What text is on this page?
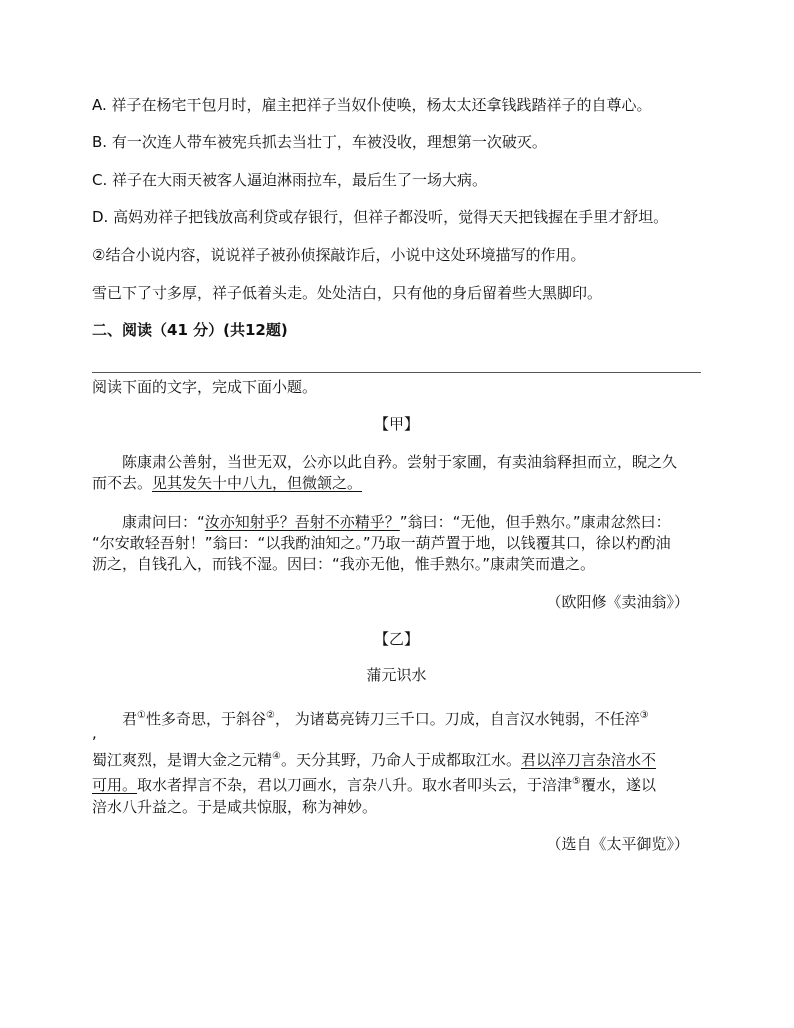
A. 祥子在杨宅干包月时，雇主把祥子当奴仆使唤，杨太太还拿钱践踏祥子的自尊心。
B. 有一次连人带车被宪兵抓去当壮丁，车被没收，理想第一次破灭。
C. 祥子在大雨天被客人逼迫淋雨拉车，最后生了一场大病。
D. 高妈劝祥子把钱放高利贷或存银行，但祥子都没听，觉得天天把钱握在手里才舒坦。
②结合小说内容，说说祥子被孙侦探敲诈后，小说中这处环境描写的作用。
雪已下了寸多厚，祥子低着头走。处处洁白，只有他的身后留着些大黑脚印。
二、阅读（41 分）(共12题)
阅读下面的文字，完成下面小题。
【甲】
陈康肃公善射，当世无双，公亦以此自矜。尝射于家圃，有卖油翁释担而立，睨之久
而不去。见其发矢十中八九，但微颔之。
康肃问曰：“汝亦知射乎？吾射不亦精乎？”翁曰：“无他，但手熟尔。”康肃忿然曰：
“尔安敢轻吾射！”翁曰：“以我酌油知之。”乃取一葫芦置于地，以钱覆其口，徐以杓酌油
沥之，自钱孔入，而钱不湿。因曰：“我亦无他，惟手熟尔。”康肃笑而遣之。
（欧阳修《卖油翁》）
【乙】
蒲元识水
君①性多奇思，于斜谷②， 为诸葛亮铸刀三千口。刀成，自言汉水钝弱，不任淬③
,
蜀江爽烈，是谓大金之元精④。天分其野，乃命人于成都取江水。君以淬刀言杂涪水不
可用。取水者捍言不杂，君以刀画水，言杂八升。取水者叩头云，于涪津⑤覆水，遂以
涪水八升益之。于是咸共惊服，称为神妙。
（选自《太平御览》）
